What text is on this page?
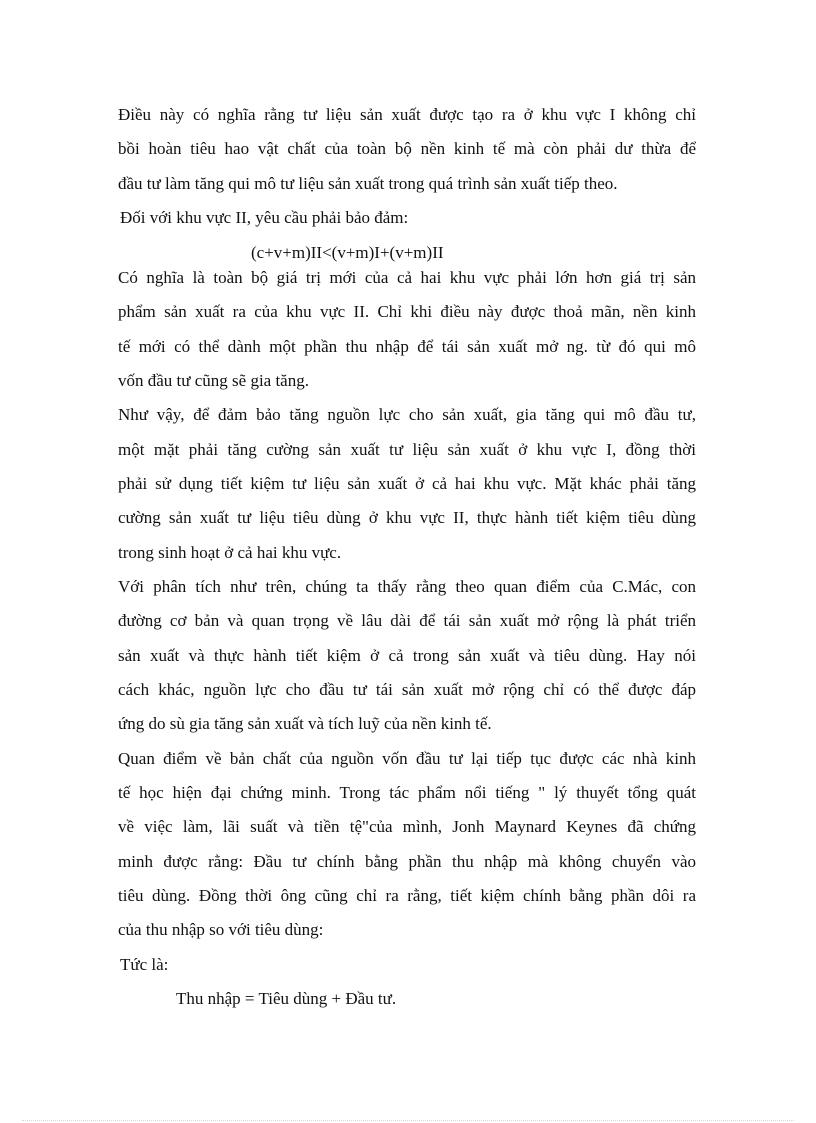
Điều này có nghĩa rằng tư liệu sản xuất được tạo ra ở khu vực I không chỉ
bồi hoàn tiêu hao vật chất của toàn bộ nền kinh tế mà còn phải dư thừa để
đầu tư làm tăng qui mô tư liệu sản xuất trong quá trình sản xuất tiếp theo.
Đối với khu vực II, yêu cầu phải bảo đảm:
(c+v+m)II<(v+m)I+(v+m)II
Có nghĩa là toàn bộ giá trị mới của cả hai khu vực phải lớn hơn giá trị sản
phẩm sản xuất ra của khu vực II. Chỉ khi điều này được thoả mãn, nền kinh
tế mới có thể dành một phần thu nhập để tái sản xuất mở ng. từ đó qui mô
vốn đầu tư cũng sẽ gia tăng.
Như vậy, để đảm bảo tăng nguồn lực cho sản xuất, gia tăng qui mô đầu tư,
một mặt phải tăng cường sản xuất tư liệu sản xuất ở khu vực I, đồng thời
phải sử dụng tiết kiệm tư liệu sản xuất ở cả hai khu vực. Mặt khác phải tăng
cường sản xuất tư liệu tiêu dùng ở khu vực II, thực hành tiết kiệm tiêu dùng
trong sinh hoạt ở cả hai khu vực.
Với phân tích như trên, chúng ta thấy rằng theo quan điểm của C.Mác, con
đường cơ bản và quan trọng về lâu dài để tái sản xuất mở rộng là phát triển
sản xuất và thực hành tiết kiệm ở cả trong sản xuất và tiêu dùng. Hay nói
cách khác, nguồn lực cho đầu tư tái sản xuất mở rộng chỉ có thể được đáp
ứng do sù gia tăng sản xuất và tích luỹ của nền kinh tế.
Quan điểm về bản chất của nguồn vốn đầu tư lại tiếp tục được các nhà kinh
tế học hiện đại chứng minh. Trong tác phẩm nổi tiếng " lý thuyết tổng quát
về việc làm, lãi suất và tiền tệ"của mình, Jonh Maynard Keynes đã chứng
minh được rằng: Đầu tư chính bằng phần thu nhập mà không chuyển vào
tiêu dùng. Đồng thời ông cũng chỉ ra rằng, tiết kiệm chính bằng phần dôi ra
của thu nhập so với tiêu dùng:
Tức là:
Thu nhập = Tiêu dùng + Đầu tư.
